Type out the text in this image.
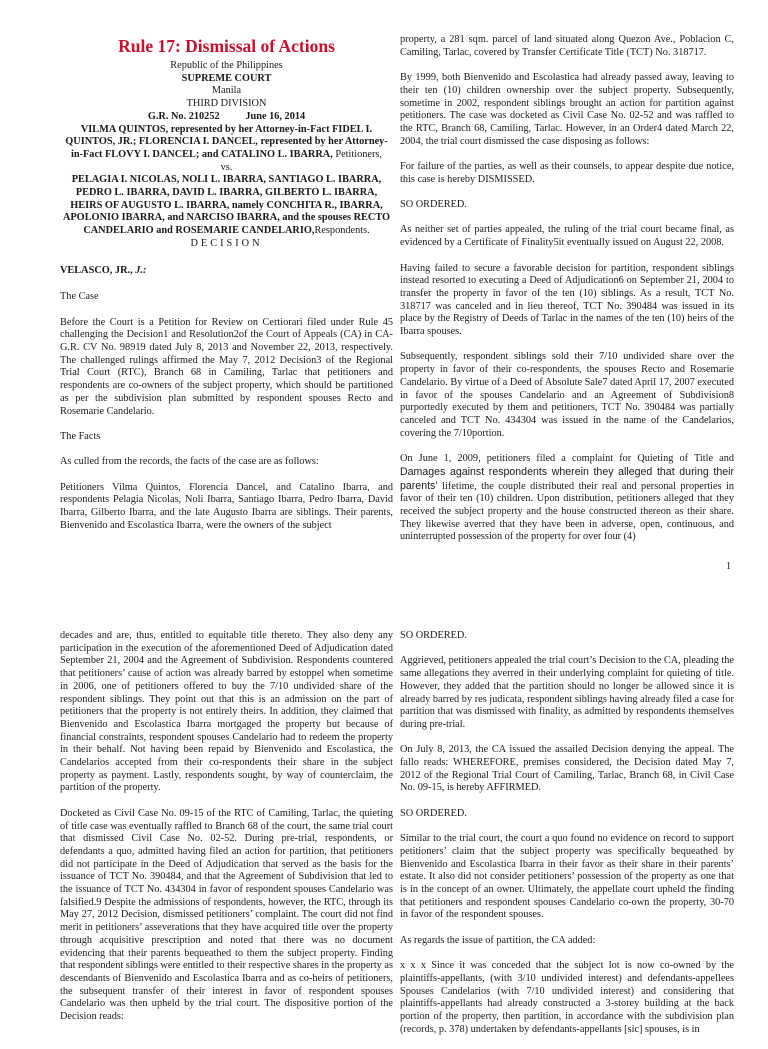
Rule 17: Dismissal of Actions
Republic of the Philippines
SUPREME COURT
Manila
THIRD DIVISION
G.R. No. 210252          June 16, 2014
VILMA QUINTOS, represented by her Attorney-in-Fact FIDEL I. QUINTOS, JR.; FLORENCIA I. DANCEL, represented by her Attorney-in-Fact FLOVY I. DANCEL; and CATALINO L. IBARRA, Petitioners,
vs.
PELAGIA I. NICOLAS, NOLI L. IBARRA, SANTIAGO L. IBARRA, PEDRO L. IBARRA, DAVID L. IBARRA, GILBERTO L. IBARRA, HEIRS OF AUGUSTO L. IBARRA, namely CONCHITA R., IBARRA, APOLONIO IBARRA, and NARCISO IBARRA, and the spouses RECTO CANDELARIO and ROSEMARIE CANDELARIO,Respondents.
DECISION

VELASCO, JR., J.:

The Case

Before the Court is a Petition for Review on Certiorari filed under Rule 45 challenging the Decision1 and Resolution2of the Court of Appeals (CA) in CA-G.R. CV No. 98919 dated July 8, 2013 and November 22, 2013, respectively. The challenged rulings affirmed the May 7, 2012 Decision3 of the Regional Trial Court (RTC), Branch 68 in Camiling, Tarlac that petitioners and respondents are co-owners of the subject property, which should be partitioned as per the subdivision plan submitted by respondent spouses Recto and Rosemarie Candelario.

The Facts

As culled from the records, the facts of the case are as follows:

Petitioners Vilma Quintos, Florencia Dancel, and Catalino Ibarra, and respondents Pelagia Nicolas, Noli Ibarra, Santiago Ibarra, Pedro Ibarra, David Ibarra, Gilberto Ibarra, and the late Augusto Ibarra are siblings. Their parents, Bienvenido and Escolastica Ibarra, were the owners of the subject

property, a 281 sqm. parcel of land situated along Quezon Ave., Poblacion C, Camiling, Tarlac, covered by Transfer Certificate Title (TCT) No. 318717.

By 1999, both Bienvenido and Escolastica had already passed away, leaving to their ten (10) children ownership over the subject property. Subsequently, sometime in 2002, respondent siblings brought an action for partition against petitioners. The case was docketed as Civil Case No. 02-52 and was raffled to the RTC, Branch 68, Camiling, Tarlac. However, in an Order4 dated March 22, 2004, the trial court dismissed the case disposing as follows:

For failure of the parties, as well as their counsels, to appear despite due notice, this case is hereby DISMISSED.

SO ORDERED.

As neither set of parties appealed, the ruling of the trial court became final, as evidenced by a Certificate of Finality5it eventually issued on August 22, 2008.

Having failed to secure a favorable decision for partition, respondent siblings instead resorted to executing a Deed of Adjudication6 on September 21, 2004 to transfer the property in favor of the ten (10) siblings. As a result, TCT No. 318717 was canceled and in lieu thereof, TCT No. 390484 was issued in its place by the Registry of Deeds of Tarlac in the names of the ten (10) heirs of the Ibarra spouses.

Subsequently, respondent siblings sold their 7/10 undivided share over the property in favor of their co-respondents, the spouses Recto and Rosemarie Candelario. By virtue of a Deed of Absolute Sale7 dated April 17, 2007 executed in favor of the spouses Candelario and an Agreement of Subdivision8 purportedly executed by them and petitioners, TCT No. 390484 was partially canceled and TCT No. 434304 was issued in the name of the Candelarios, covering the 7/10portion.

On June 1, 2009, petitioners filed a complaint for Quieting of Title and Damages against respondents wherein they alleged that during their parents’ lifetime, the couple distributed their real and personal properties in favor of their ten (10) children. Upon distribution, petitioners alleged that they received the subject property and the house constructed thereon as their share. They likewise averred that they have been in adverse, open, continuous, and uninterrupted possession of the property for over four (4)

1

decades and are, thus, entitled to equitable title thereto. They also deny any participation in the execution of the aforementioned Deed of Adjudication dated September 21, 2004 and the Agreement of Subdivision. Respondents countered that petitioners’ cause of action was already barred by estoppel when sometime in 2006, one of petitioners offered to buy the 7/10 undivided share of the respondent siblings. They point out that this is an admission on the part of petitioners that the property is not entirely theirs. In addition, they claimed that Bienvenido and Escolastica Ibarra mortgaged the property but because of financial constraints, respondent spouses Candelario had to redeem the property in their behalf. Not having been repaid by Bienvenido and Escolastica, the Candelarios accepted from their co-respondents their share in the subject property as payment. Lastly, respondents sought, by way of counterclaim, the partition of the property.

Docketed as Civil Case No. 09-15 of the RTC of Camiling, Tarlac, the quieting of title case was eventually raffled to Branch 68 of the court, the same trial court that dismissed Civil Case No. 02-52. During pre-trial, respondents, or defendants a quo, admitted having filed an action for partition, that petitioners did not participate in the Deed of Adjudication that served as the basis for the issuance of TCT No. 390484, and that the Agreement of Subdivision that led to the issuance of TCT No. 434304 in favor of respondent spouses Candelario was falsified.9 Despite the admissions of respondents, however, the RTC, through its May 27, 2012 Decision, dismissed petitioners’ complaint. The court did not find merit in petitioners’ asseverations that they have acquired title over the property through acquisitive prescription and noted that there was no document evidencing that their parents bequeathed to them the subject property. Finding that respondent siblings were entitled to their respective shares in the property as descendants of Bienvenido and Escolastica Ibarra and as co-heirs of petitioners, the subsequent transfer of their interest in favor of respondent spouses Candelario was then upheld by the trial court. The dispositive portion of the Decision reads:

SO ORDERED.

Aggrieved, petitioners appealed the trial court’s Decision to the CA, pleading the same allegations they averred in their underlying complaint for quieting of title. However, they added that the partition should no longer be allowed since it is already barred by res judicata, respondent siblings having already filed a case for partition that was dismissed with finality, as admitted by respondents themselves during pre-trial.

On July 8, 2013, the CA issued the assailed Decision denying the appeal. The fallo reads: WHEREFORE, premises considered, the Decision dated May 7, 2012 of the Regional Trial Court of Camiling, Tarlac, Branch 68, in Civil Case No. 09-15, is hereby AFFIRMED.

SO ORDERED.

Similar to the trial court, the court a quo found no evidence on record to support petitioners’ claim that the subject property was specifically bequeathed by Bienvenido and Escolastica Ibarra in their favor as their share in their parents’ estate. It also did not consider petitioners’ possession of the property as one that is in the concept of an owner. Ultimately, the appellate court upheld the finding that petitioners and respondent spouses Candelario co-own the property, 30-70 in favor of the respondent spouses.

As regards the issue of partition, the CA added:

x x x Since it was conceded that the subject lot is now co-owned by the plaintiffs-appellants, (with 3/10 undivided interest) and defendants-appellees Spouses Candelarios (with 7/10 undivided interest) and considering that plaintiffs-appellants had already constructed a 3-storey building at the back portion of the property, then partition, in accordance with the subdivision plan (records, p. 378) undertaken by defendants-appellants [sic] spouses, is in
